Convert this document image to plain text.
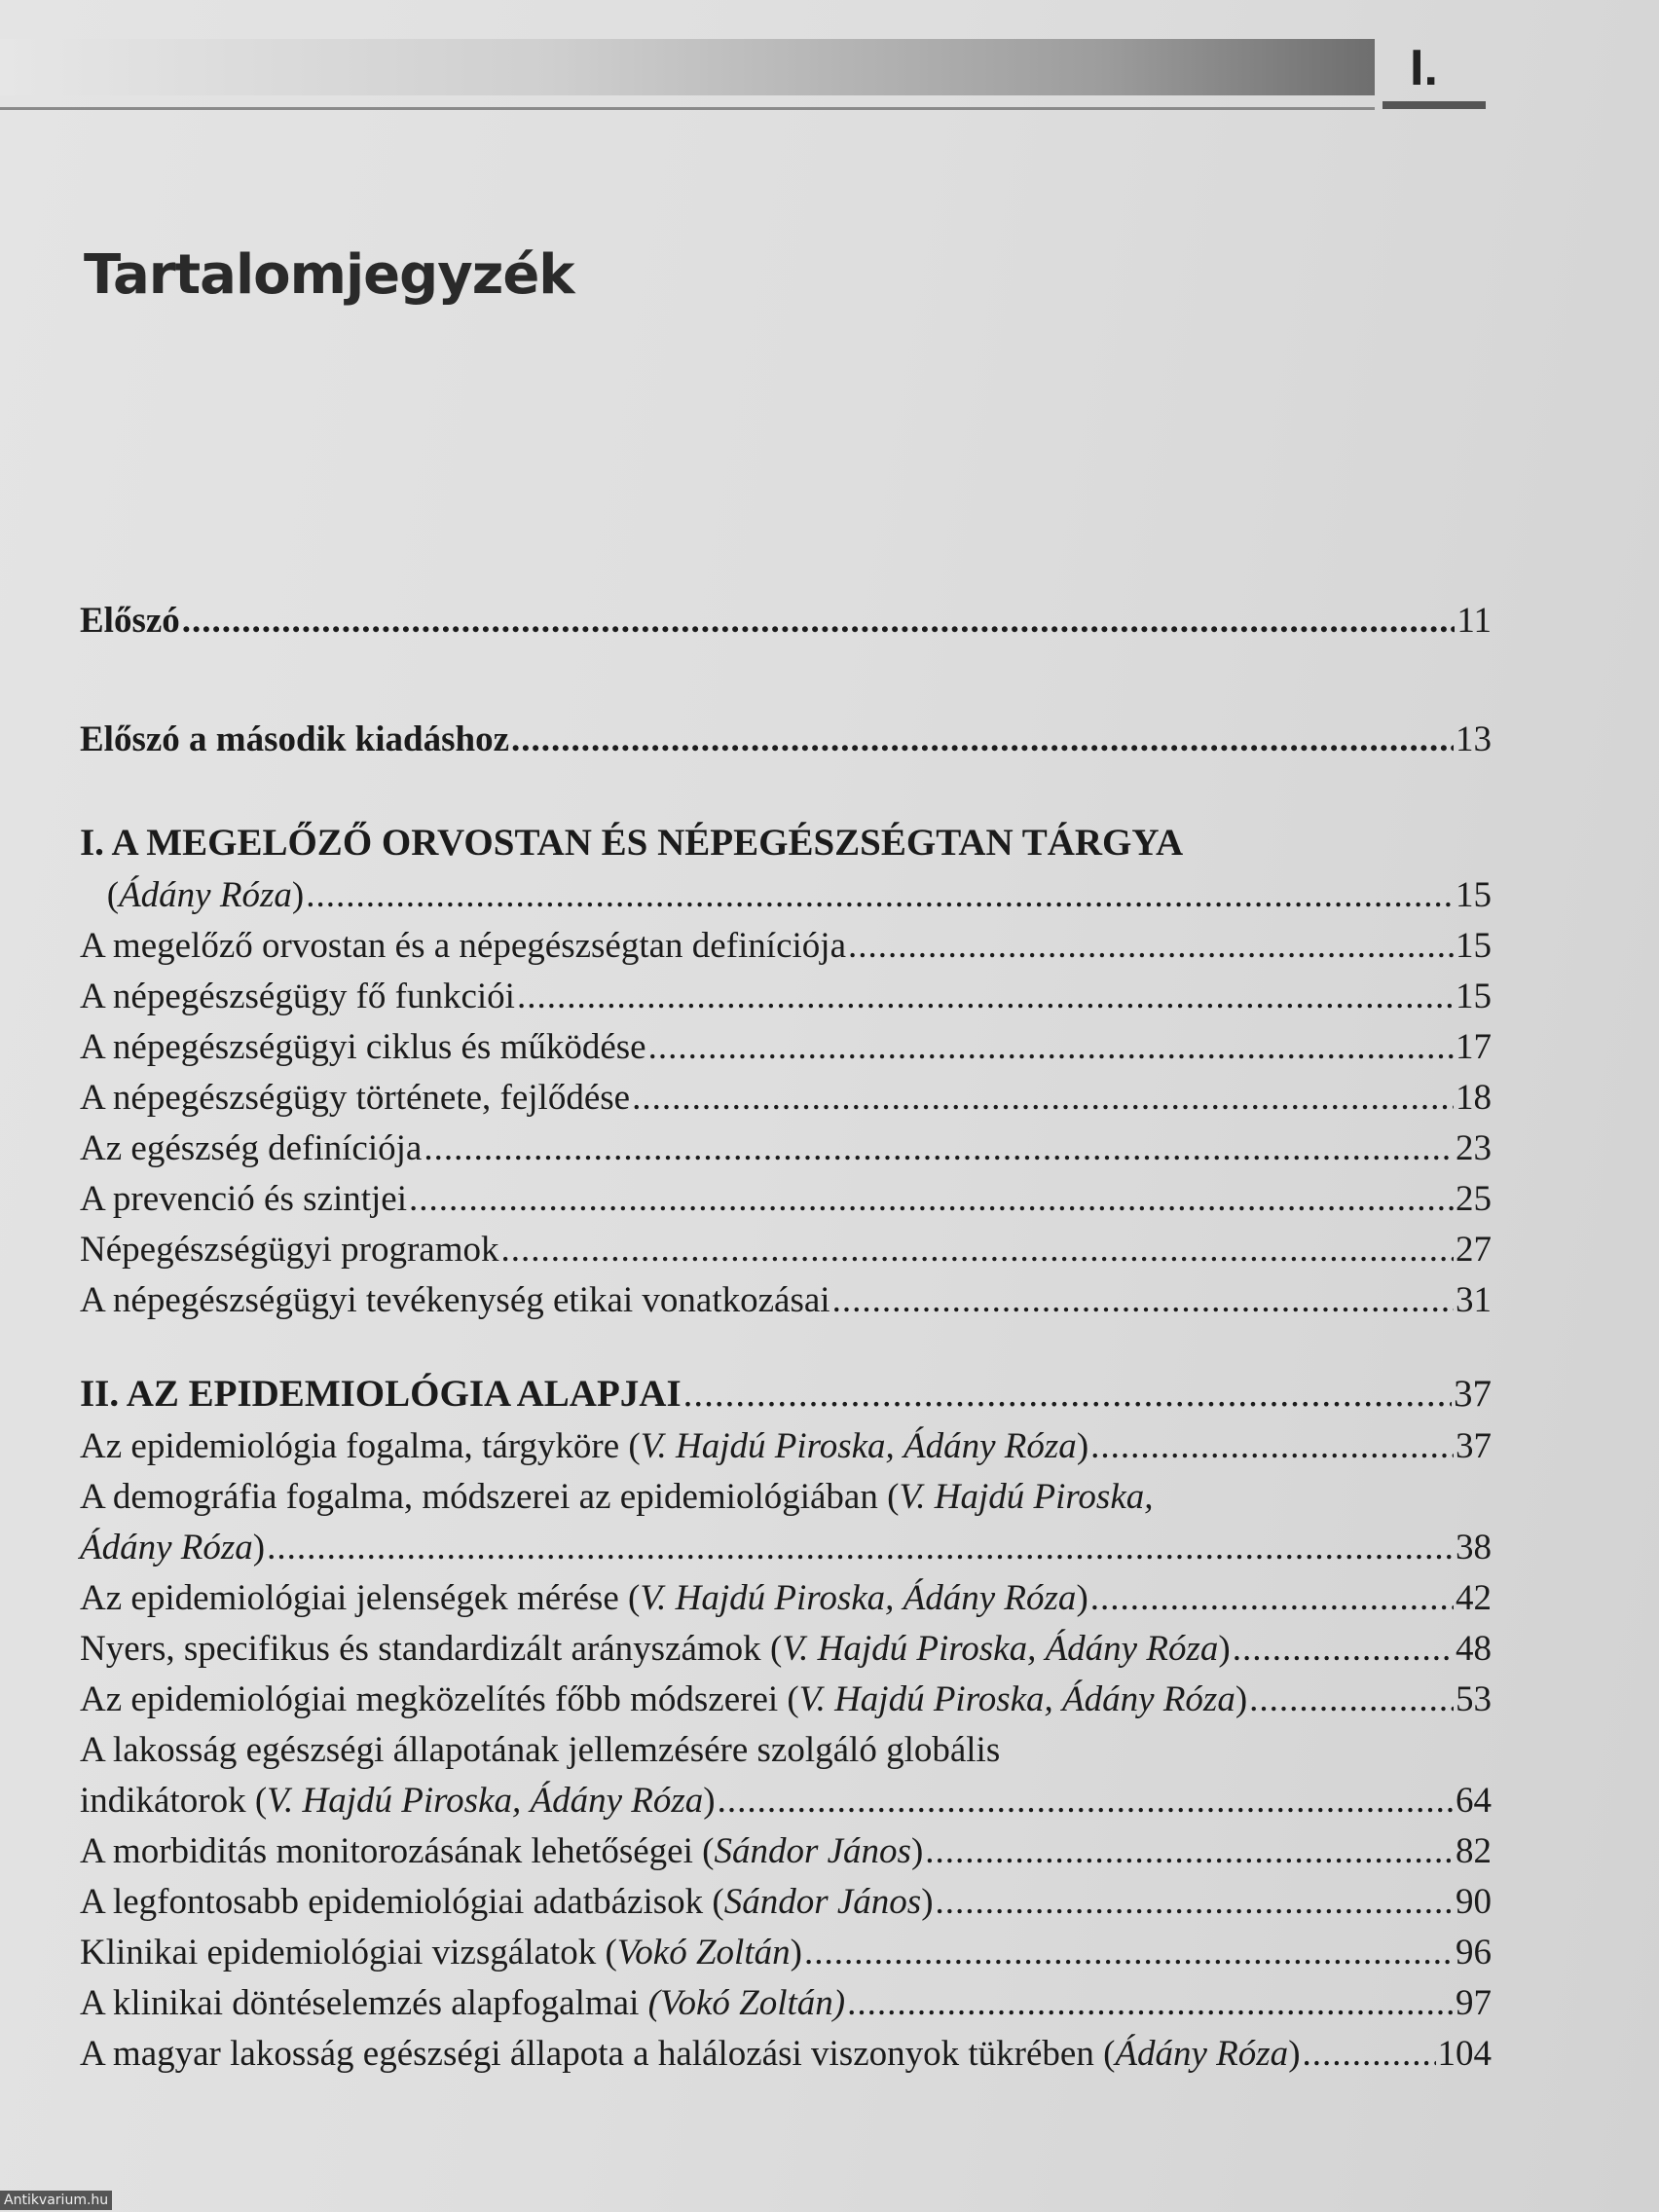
I.
Tartalomjegyzék
Előszó .....	11
Előszó a második kiadáshoz .....	13
I. A MEGELŐZŐ ORVOSTAN ÉS NÉPEGÉSZSÉGTAN TÁRGYA
(Ádány Róza) .....	15
A megelőző orvostan és a népegészségtan definíciója .....	15
A népegészségügy fő funkciói .....	15
A népegészségügyi ciklus és működése .....	17
A népegészségügy története, fejlődése .....	18
Az egészség definíciója .....	23
A prevenció és szintjei .....	25
Népegészségügyi programok .....	27
A népegészségügyi tevékenység etikai vonatkozásai .....	31
II. AZ EPIDEMIOLÓGIA ALAPJAI .....	37
Az epidemiológia fogalma, tárgyköre (V. Hajdú Piroska, Ádány Róza) .....	37
A demográfia fogalma, módszerei az epidemiológiában (V. Hajdú Piroska,
Ádány Róza) .....	38
Az epidemiológiai jelenségek mérése (V. Hajdú Piroska, Ádány Róza) .....	42
Nyers, specifikus és standardizált arányszámok (V. Hajdú Piroska, Ádány Róza) .....	48
Az epidemiológiai megközelítés főbb módszerei (V. Hajdú Piroska, Ádány Róza) .....	53
A lakosság egészségi állapotának jellemzésére szolgáló globális
indikátorok (V. Hajdú Piroska, Ádány Róza) .....	64
A morbiditás monitorozásának lehetőségei (Sándor János) .....	82
A legfontosabb epidemiológiai adatbázisok (Sándor János) .....	90
Klinikai epidemiológiai vizsgálatok (Vokó Zoltán) .....	96
A klinikai döntéselemzés alapfogalmai (Vokó Zoltán) .....	97
A magyar lakosság egészségi állapota a halálozási viszonyok tükrében (Ádány Róza) .....	104
Antikvarium.hu
